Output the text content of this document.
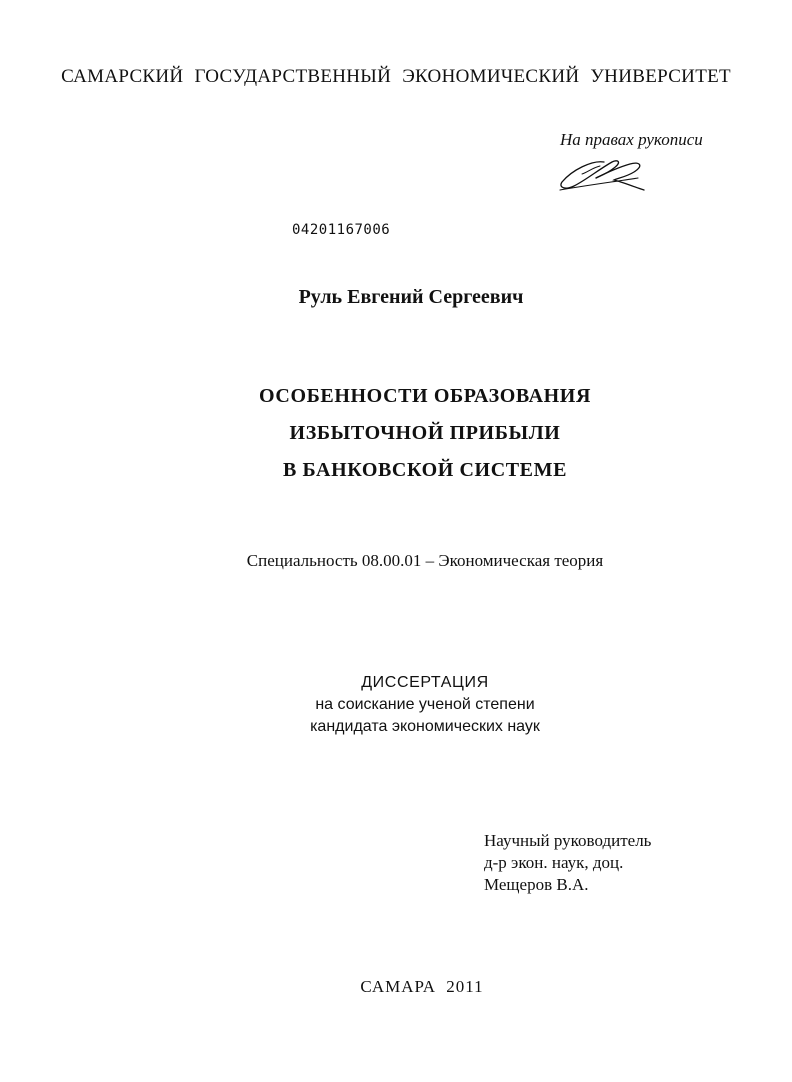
САМАРСКИЙ ГОСУДАРСТВЕННЫЙ ЭКОНОМИЧЕСКИЙ УНИВЕРСИТЕТ
На правах рукописи
04201167006
Руль Евгений Сергеевич
ОСОБЕННОСТИ ОБРАЗОВАНИЯ
ИЗБЫТОЧНОЙ ПРИБЫЛИ
В БАНКОВСКОЙ СИСТЕМЕ
Специальность 08.00.01 – Экономическая теория
ДИССЕРТАЦИЯ
на соискание ученой степени
кандидата экономических наук
Научный руководитель
д-р экон. наук, доц.
Мещеров В.А.
САМАРА 2011
